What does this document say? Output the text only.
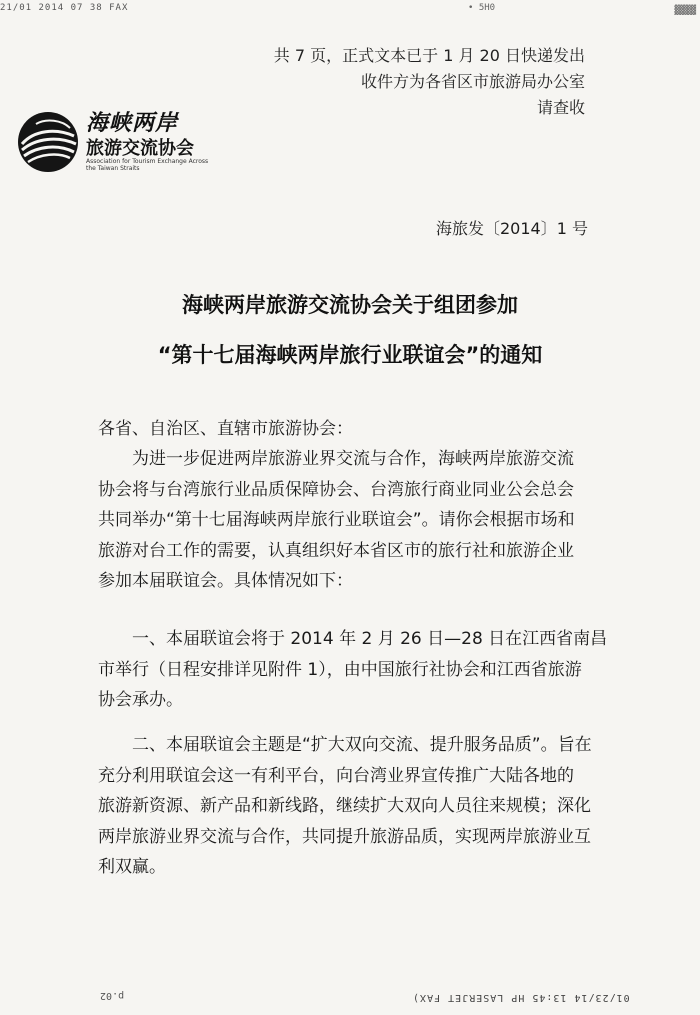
21/01 2014 07 38 FAX	• 5H0	▓▓▓▓
共 7 页，正式文本已于 1 月 20 日快递发出
收件方为各省区市旅游局办公室
请查收
海峡两岸
旅游交流协会
Association for Tourism Exchange Across the Taiwan Straits
海旅发〔2014〕1 号
海峡两岸旅游交流协会关于组团参加
“第十七届海峡两岸旅行业联谊会”的通知
各省、自治区、直辖市旅游协会：
为进一步促进两岸旅游业界交流与合作，海峡两岸旅游交流
协会将与台湾旅行业品质保障协会、台湾旅行商业同业公会总会
共同举办“第十七届海峡两岸旅行业联谊会”。请你会根据市场和
旅游对台工作的需要，认真组织好本省区市的旅行社和旅游企业
参加本届联谊会。具体情况如下：
一、本届联谊会将于 2014 年 2 月 26 日—28 日在江西省南昌
市举行（日程安排详见附件 1），由中国旅行社协会和江西省旅游
协会承办。
二、本届联谊会主题是“扩大双向交流、提升服务品质”。旨在
充分利用联谊会这一有利平台，向台湾业界宣传推广大陆各地的
旅游新资源、新产品和新线路，继续扩大双向人员往来规模；深化
两岸旅游业界交流与合作，共同提升旅游品质，实现两岸旅游业互
利双赢。
p.02	01/23/14 13:45 HP LASERJET FAX)
